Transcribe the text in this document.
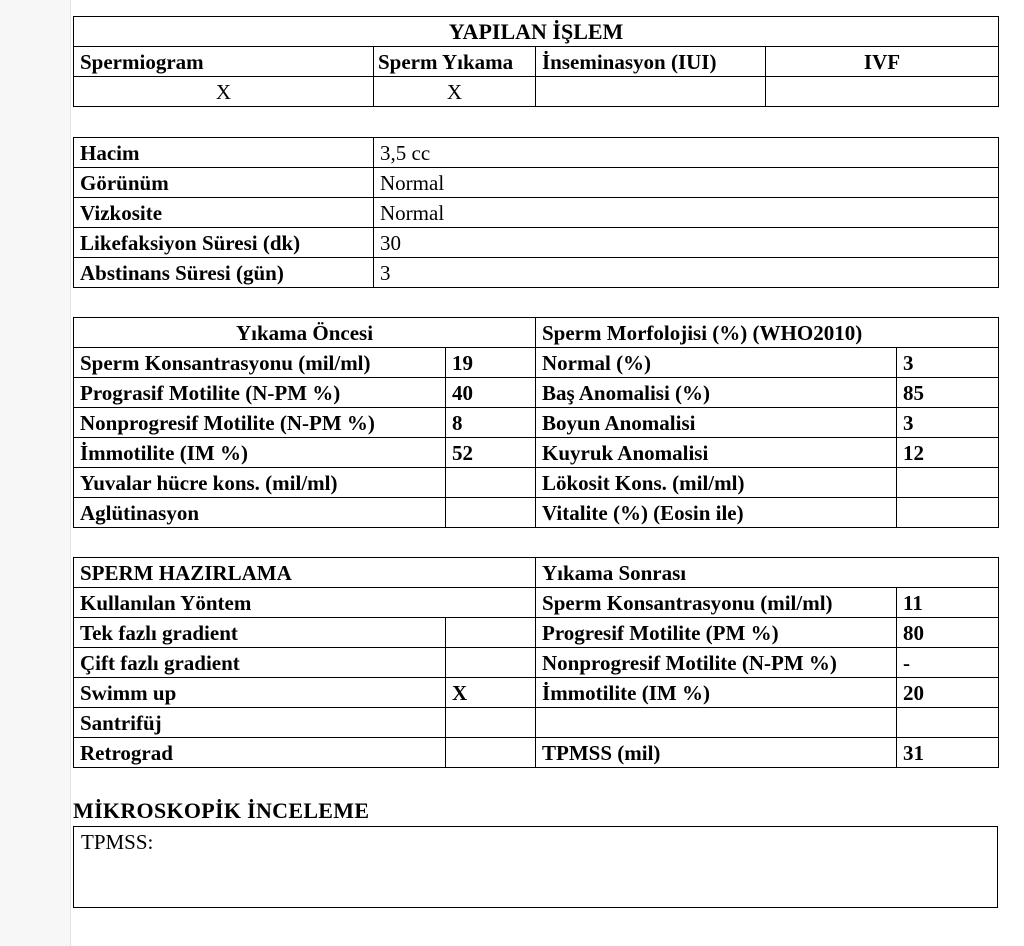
YAPILAN İŞLEM			
Spermiogram	Sperm Yıkama	İnseminasyon (IUI)	IVF
X	X		
Hacim	3,5 cc
Görünüm	Normal
Vizkosite	Normal
Likefaksiyon Süresi (dk)	30
Abstinans Süresi (gün)	3
Yıkama Öncesi		Sperm Morfolojisi (%) (WHO2010)	
Sperm Konsantrasyonu (mil/ml)	19	Normal (%)	3
Prograsif Motilite (N-PM %)	40	Baş Anomalisi (%)	85
Nonprogresif Motilite (N-PM %)	8	Boyun Anomalisi	3
İmmotilite (IM %)	52	Kuyruk Anomalisi	12
Yuvalar hücre kons. (mil/ml)		Lökosit Kons. (mil/ml)	
Aglütinasyon		Vitalite (%) (Eosin ile)	
SPERM HAZIRLAMA		Yıkama Sonrası	
Kullanılan Yöntem		Sperm Konsantrasyonu (mil/ml)	11
Tek fazlı gradient		Progresif Motilite (PM %)	80
Çift fazlı gradient		Nonprogresif Motilite (N-PM %)	-
Swimm up	X	İmmotilite (IM %)	20
Santrifüj			
Retrograd		TPMSS (mil)	31
MİKROSKOPİK İNCELEME
TPMSS:
